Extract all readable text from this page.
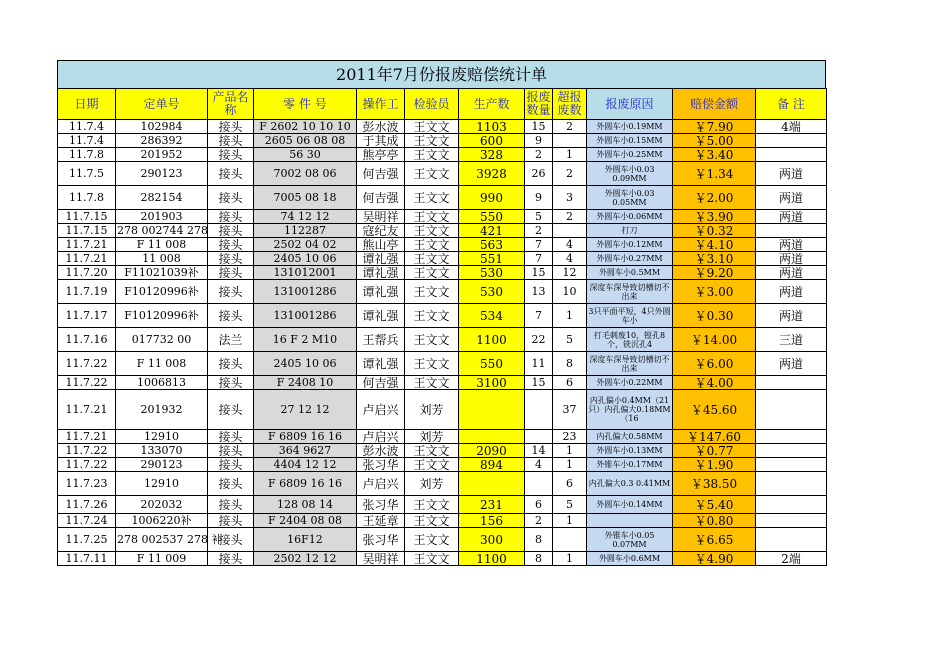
2011年7月份报废赔偿统计单
日期	定单号	产品名称	零 件 号	操作工	检验员	生产数	报废数量	超报废数	报废原因	赔偿金额	备 注
11.7.4	102984	接头	F 2602 10 10 10	彭水波	王文文	1103	15	2	外圆车小0.19MM	￥7.90	4端
11.7.4	286392	接头	2605 06 08 08	于其成	王文文	600	9		外圆车小0.15MM	￥5.00	
11.7.8	201952	接头	56 30	熊亭亭	王文文	328	2	1	外圆车小0.25MM	￥3.40	
11.7.5	290123	接头	7002 08 06	何吉强	王文文	3928	26	2	外圆车小0.03 0.09MM	￥1.34	两道
11.7.8	282154	接头	7005 08 18	何吉强	王文文	990	9	3	外圆车小0.03 0.05MM	￥2.00	两道
11.7.15	201903	接头	74 12 12	吴明祥	王文文	550	5	2	外圆车小0.06MM	￥3.90	两道
11.7.15	278 002744 278	接头	112287	寇纪友	王文文	421	2		打刀	￥0.32	
11.7.21	F 11 008	接头	2502 04 02	熊山亭	王文文	563	7	4	外圆车小0.12MM	￥4.10	两道
11.7.21	11 008	接头	2405 10 06	谭礼强	王文文	551	7	4	外圆车小0.27MM	￥3.10	两道
11.7.20	F11021039补	接头	131012001	谭礼强	王文文	530	15	12	外圆车小0.5MM	￥9.20	两道
11.7.19	F10120996补	接头	131001286	谭礼强	王文文	530	13	10	深度车深导致切槽切不出来	￥3.00	两道
11.7.17	F10120996补	接头	131001286	谭礼强	王文文	534	7	1	3只平面平短，4只外圆车小	￥0.30	两道
11.7.16	017732 00	法兰	16 F 2 M10	王帮兵	王文文	1100	22	5	打毛刺废10，镗孔8个，铣沉孔4	￥14.00	三道
11.7.22	F 11 008	接头	2405 10 06	谭礼强	王文文	550	11	8	深度车深导致切槽切不出来	￥6.00	两道
11.7.22	1006813	接头	F 2408 10	何吉强	王文文	3100	15	6	外圆车小0.22MM	￥4.00	
11.7.21	201932	接头	27 12 12	卢启兴	刘芳			37	内孔偏小0.4MM（21只）内孔偏大0.18MM（16	￥45.60	
11.7.21	12910	接头	F 6809 16 16	卢启兴	刘芳			23	内孔偏大0.58MM	￥147.60	
11.7.22	133070	接头	364 9627	彭水波	王文文	2090	14	1	外圆车小0.13MM	￥0.77	
11.7.22	290123	接头	4404 12 12	张习华	王文文	894	4	1	外锥车小0.17MM	￥1.90	
11.7.23	12910	接头	F 6809 16 16	卢启兴	刘芳			6	内孔偏大0.3 0.41MM	￥38.50	
11.7.26	202032	接头	128 08 14	张习华	王文文	231	6	5	外圆车小0.14MM	￥5.40	
11.7.24	1006220补	接头	F 2404 08 08	王延章	王文文	156	2	1		￥0.80	
11.7.25	278 002537 278 补	接头	16F12	张习华	王文文	300	8		外锥车小0.05 0.07MM	￥6.65	
11.7.11	F 11 009	接头	2502 12 12	吴明祥	王文文	1100	8	1	外圆车小0.6MM	￥4.90	2端
